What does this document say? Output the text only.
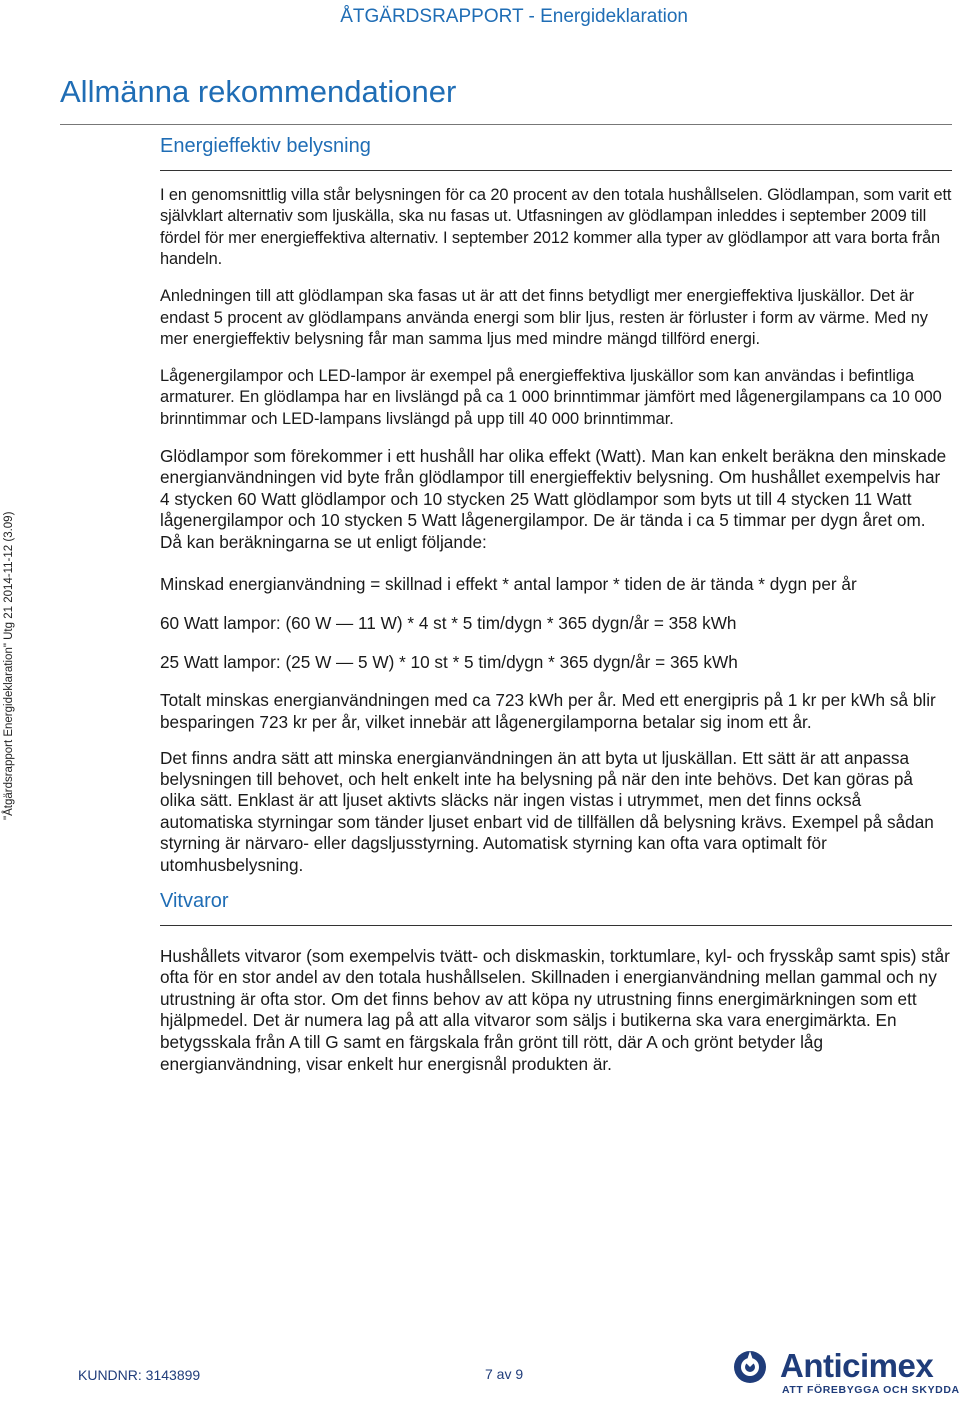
ÅTGÄRDSRAPPORT - Energideklaration
Allmänna rekommendationer
Energieffektiv belysning

I en genomsnittlig villa står belysningen för ca 20 procent av den totala hushållselen. Glödlampan, som varit ett självklart alternativ som ljuskälla, ska nu fasas ut. Utfasningen av glödlampan inleddes i september 2009 till fördel för mer energieffektiva alternativ. I september 2012 kommer alla typer av glödlampor att vara borta från handeln.

Anledningen till att glödlampan ska fasas ut är att det finns betydligt mer energieffektiva ljuskällor. Det är endast 5 procent av glödlampans använda energi som blir ljus, resten är förluster i form av värme. Med ny mer energieffektiv belysning får man samma ljus med mindre mängd tillförd energi.

Lågenergilampor och LED-lampor är exempel på energieffektiva ljuskällor som kan användas i befintliga armaturer. En glödlampa har en livslängd på ca 1 000 brinntimmar jämfört med lågenergilampans ca 10 000 brinntimmar och LED-lampans livslängd på upp till 40 000 brinntimmar.

Glödlampor som förekommer i ett hushåll har olika effekt (Watt). Man kan enkelt beräkna den minskade energianvändningen vid byte från glödlampor till energieffektiv belysning. Om hushållet exempelvis har 4 stycken 60 Watt glödlampor och 10 stycken 25 Watt glödlampor som byts ut till 4 stycken 11 Watt lågenergilampor och 10 stycken 5 Watt lågenergilampor. De är tända i ca 5 timmar per dygn året om. Då kan beräkningarna se ut enligt följande:

Minskad energianvändning = skillnad i effekt * antal lampor * tiden de är tända * dygn per år

60 Watt lampor: (60 W — 11 W) * 4 st * 5 tim/dygn * 365 dygn/år = 358 kWh

25 Watt lampor: (25 W — 5 W) * 10 st * 5 tim/dygn * 365 dygn/år = 365 kWh

Totalt minskas energianvändningen med ca 723 kWh per år. Med ett energipris på 1 kr per kWh så blir besparingen 723 kr per år, vilket innebär att lågenergilamporna betalar sig inom ett år.

Det finns andra sätt att minska energianvändningen än att byta ut ljuskällan. Ett sätt är att anpassa belysningen till behovet, och helt enkelt inte ha belysning på när den inte behövs. Det kan göras på olika sätt. Enklast är att ljuset aktivts släcks när ingen vistas i utrymmet, men det finns också automatiska styrningar som tänder ljuset enbart vid de tillfällen då belysning krävs. Exempel på sådan styrning är närvaro- eller dagsljusstyrning. Automatisk styrning kan ofta vara optimalt för utomhusbelysning.

Vitvaror

Hushållets vitvaror (som exempelvis tvätt- och diskmaskin, torktumlare, kyl- och frysskåp samt spis) står ofta för en stor andel av den totala hushållselen. Skillnaden i energianvändning mellan gammal och ny utrustning är ofta stor. Om det finns behov av att köpa ny utrustning finns energimärkningen som ett hjälpmedel. Det är numera lag på att alla vitvaror som säljs i butikerna ska vara energimärkta. En betygsskala från A till G samt en färgskala från grönt till rött, där A och grönt betyder låg energianvändning, visar enkelt hur energisnål produkten är.

"Åtgärdsrapport Energideklaration" Utg 21 2014-11-12 (3.09)
KUNDNR: 3143899	7 av 9	Anticimex
ATT FÖREBYGGA OCH SKYDDA
